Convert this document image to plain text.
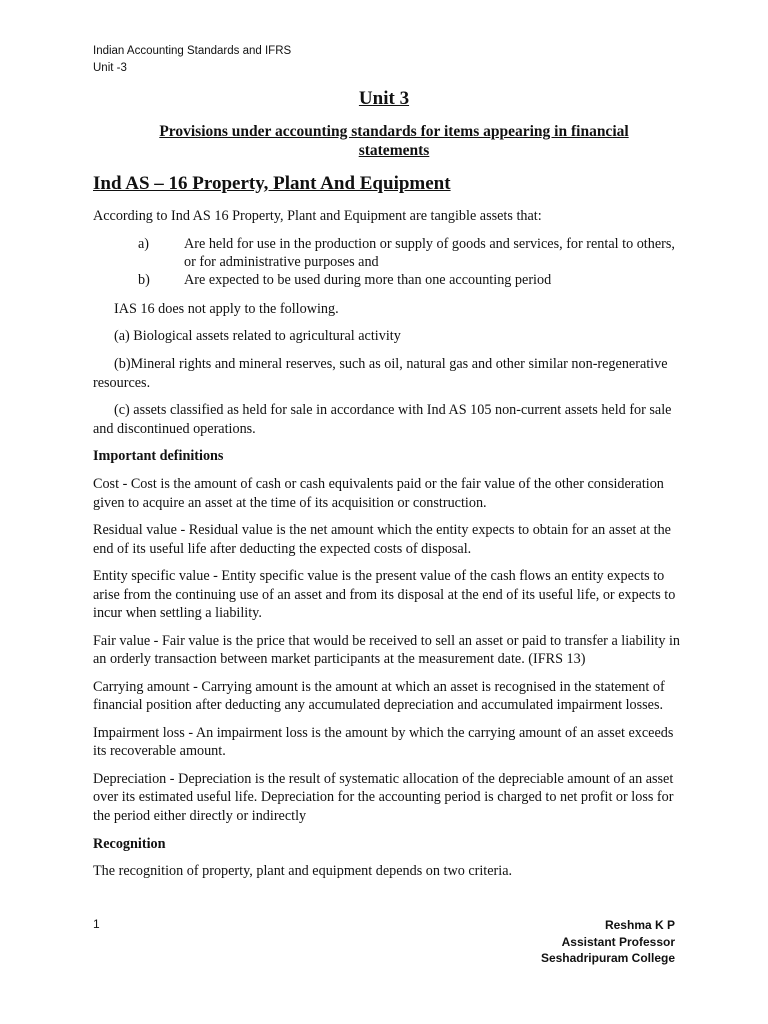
Indian Accounting Standards and IFRS
Unit -3
Unit 3
Provisions under accounting standards for items appearing in financial statements
Ind AS – 16 Property, Plant And Equipment

According to Ind AS 16 Property, Plant and Equipment are tangible assets that:

a)	Are held for use in the production or supply of goods and services, for rental to others, or for administrative purposes and
b)	Are expected to be used during more than one accounting period

IAS 16 does not apply to the following.

(a) Biological assets related to agricultural activity

(b)Mineral rights and mineral reserves, such as oil, natural gas and other similar non-regenerative resources.

(c) assets classified as held for sale in accordance with Ind AS 105 non-current assets held for sale and discontinued operations.

Important definitions

Cost - Cost is the amount of cash or cash equivalents paid or the fair value of the other consideration given to acquire an asset at the time of its acquisition or construction.

Residual value - Residual value is the net amount which the entity expects to obtain for an asset at the end of its useful life after deducting the expected costs of disposal.

Entity specific value - Entity specific value is the present value of the cash flows an entity expects to arise from the continuing use of an asset and from its disposal at the end of its useful life, or expects to incur when settling a liability.

Fair value - Fair value is the price that would be received to sell an asset or paid to transfer a liability in an orderly transaction between market participants at the measurement date. (IFRS 13)

Carrying amount - Carrying amount is the amount at which an asset is recognised in the statement of financial position after deducting any accumulated depreciation and accumulated impairment losses.

Impairment loss - An impairment loss is the amount by which the carrying amount of an asset exceeds its recoverable amount.

Depreciation - Depreciation is the result of systematic allocation of the depreciable amount of an asset over its estimated useful life. Depreciation for the accounting period is charged to net profit or loss for the period either directly or indirectly

Recognition

The recognition of property, plant and equipment depends on two criteria.

1	Reshma K P
Assistant Professor
Seshadripuram College
